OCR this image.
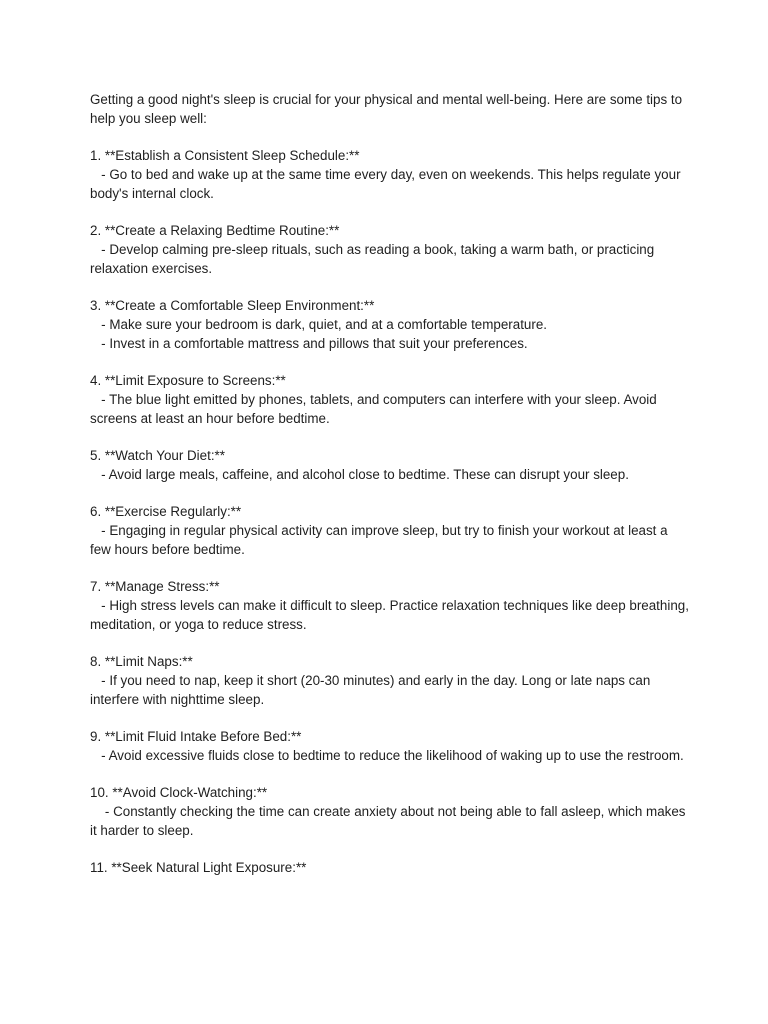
Getting a good night's sleep is crucial for your physical and mental well-being. Here are some tips to help you sleep well:

1. **Establish a Consistent Sleep Schedule:**

- Go to bed and wake up at the same time every day, even on weekends. This helps regulate your body's internal clock.

2. **Create a Relaxing Bedtime Routine:**

- Develop calming pre-sleep rituals, such as reading a book, taking a warm bath, or practicing relaxation exercises.

3. **Create a Comfortable Sleep Environment:**

- Make sure your bedroom is dark, quiet, and at a comfortable temperature.

- Invest in a comfortable mattress and pillows that suit your preferences.

4. **Limit Exposure to Screens:**

- The blue light emitted by phones, tablets, and computers can interfere with your sleep. Avoid screens at least an hour before bedtime.

5. **Watch Your Diet:**

- Avoid large meals, caffeine, and alcohol close to bedtime. These can disrupt your sleep.

6. **Exercise Regularly:**

- Engaging in regular physical activity can improve sleep, but try to finish your workout at least a few hours before bedtime.

7. **Manage Stress:**

- High stress levels can make it difficult to sleep. Practice relaxation techniques like deep breathing, meditation, or yoga to reduce stress.

8. **Limit Naps:**

- If you need to nap, keep it short (20-30 minutes) and early in the day. Long or late naps can interfere with nighttime sleep.

9. **Limit Fluid Intake Before Bed:**

- Avoid excessive fluids close to bedtime to reduce the likelihood of waking up to use the restroom.

10. **Avoid Clock-Watching:**

- Constantly checking the time can create anxiety about not being able to fall asleep, which makes it harder to sleep.

11. **Seek Natural Light Exposure:**
